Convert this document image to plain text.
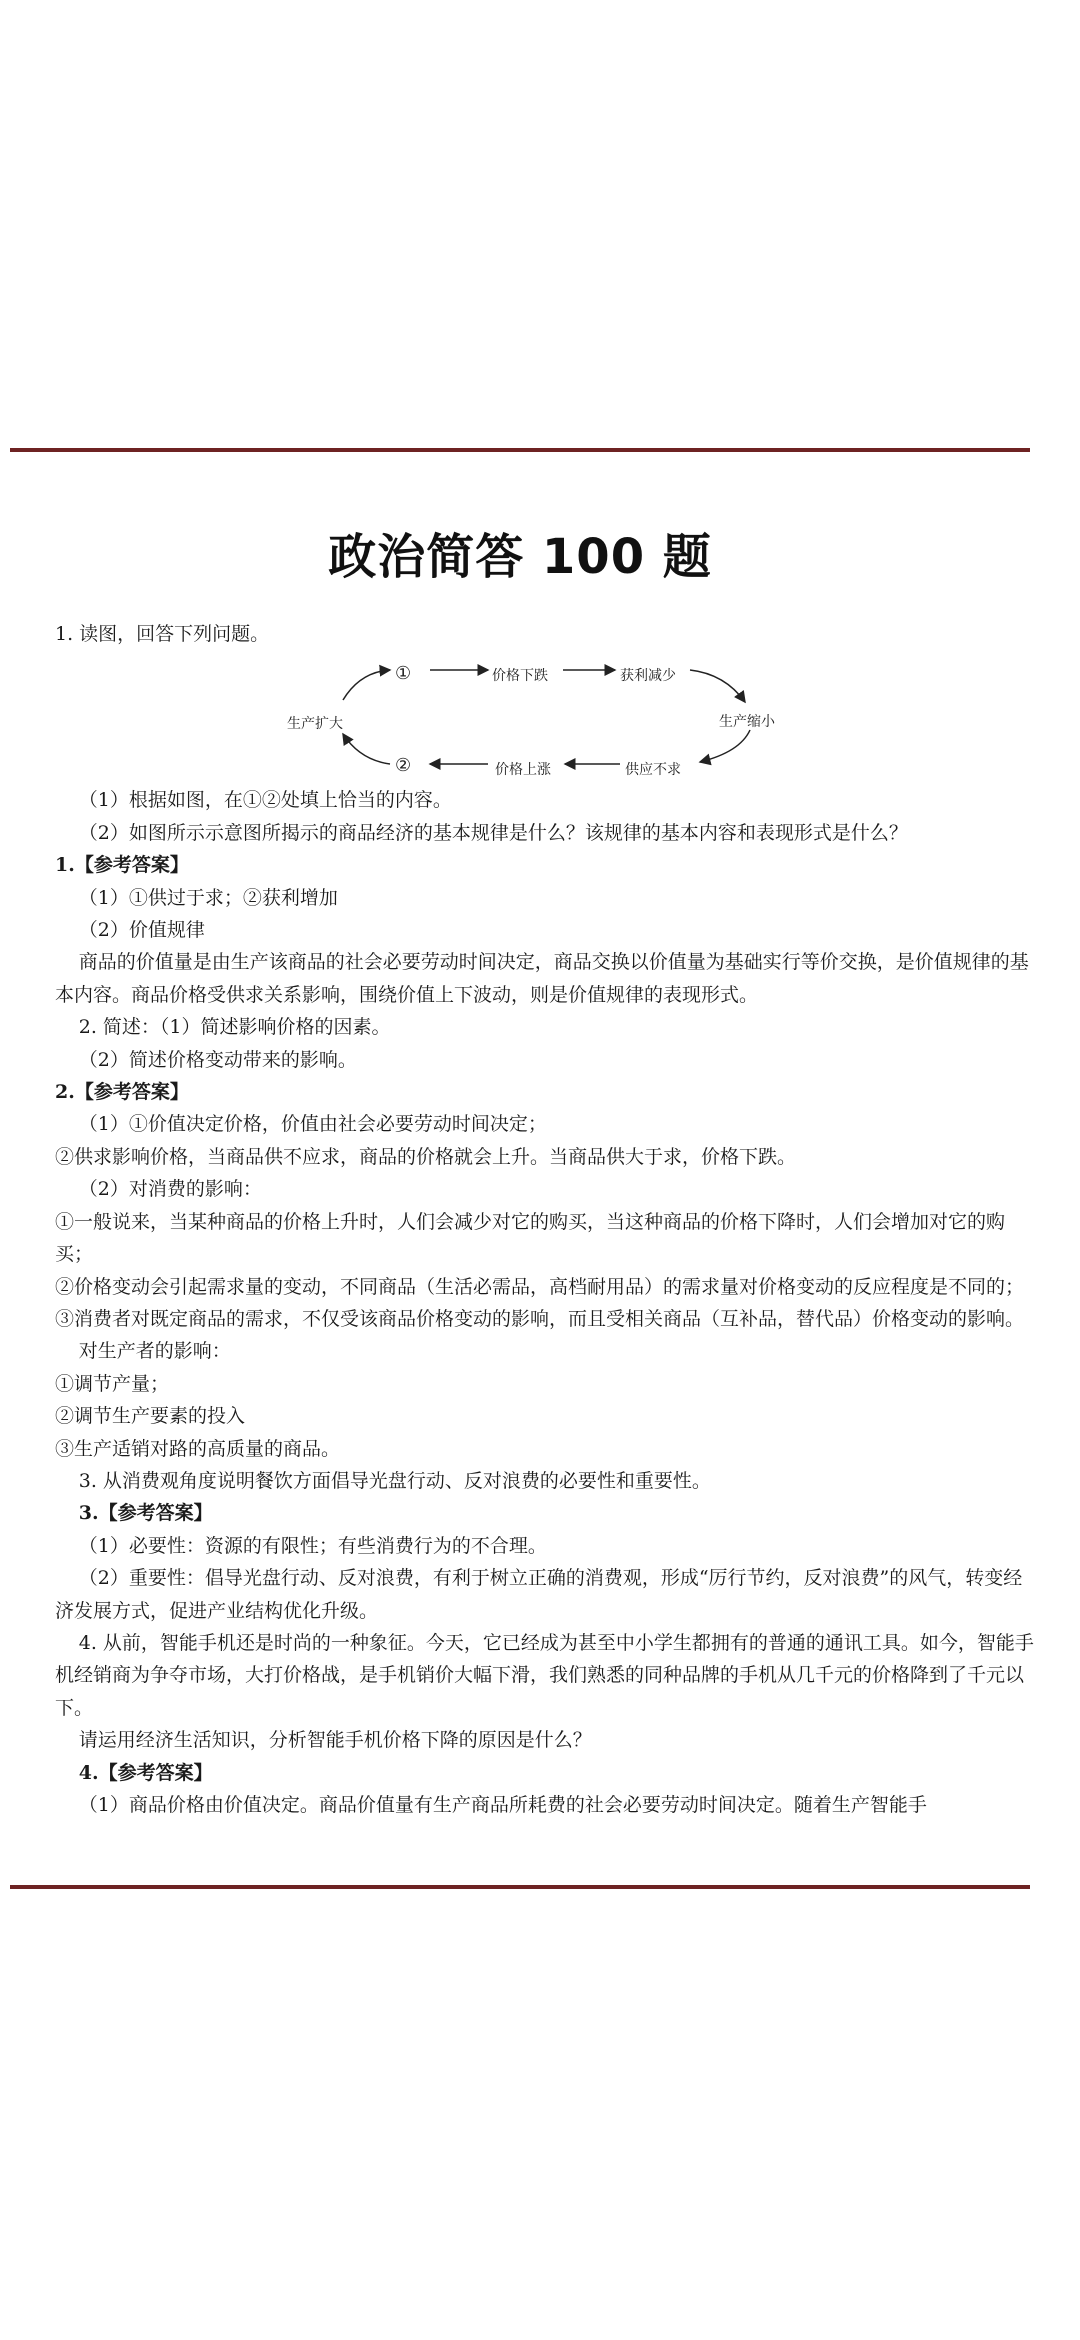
政治简答 100 题

1. 读图，回答下列问题。

①	价格下跌	获利减少
生产缩小
供应不求
价格上涨
②
生产扩大

（1）根据如图，在①②处填上恰当的内容。

（2）如图所示示意图所揭示的商品经济的基本规律是什么？该规律的基本内容和表现形式是什么？

1.【参考答案】

（1）①供过于求；②获利增加

（2）价值规律

商品的价值量是由生产该商品的社会必要劳动时间决定，商品交换以价值量为基础实行等价交换，是价值规律的基本内容。商品价格受供求关系影响，围绕价值上下波动，则是价值规律的表现形式。

2. 简述：（1）简述影响价格的因素。

（2）简述价格变动带来的影响。

2.【参考答案】

（1）①价值决定价格，价值由社会必要劳动时间决定；

②供求影响价格，当商品供不应求，商品的价格就会上升。当商品供大于求，价格下跌。

（2）对消费的影响：

①一般说来，当某种商品的价格上升时，人们会减少对它的购买，当这种商品的价格下降时，人们会增加对它的购买；

②价格变动会引起需求量的变动，不同商品（生活必需品，高档耐用品）的需求量对价格变动的反应程度是不同的；

③消费者对既定商品的需求，不仅受该商品价格变动的影响，而且受相关商品（互补品，替代品）价格变动的影响。

对生产者的影响：

①调节产量；

②调节生产要素的投入

③生产适销对路的高质量的商品。

3. 从消费观角度说明餐饮方面倡导光盘行动、反对浪费的必要性和重要性。

3.【参考答案】

（1）必要性：资源的有限性；有些消费行为的不合理。

（2）重要性：倡导光盘行动、反对浪费，有利于树立正确的消费观，形成“厉行节约，反对浪费”的风气，转变经济发展方式，促进产业结构优化升级。

4. 从前，智能手机还是时尚的一种象征。今天，它已经成为甚至中小学生都拥有的普通的通讯工具。如今，智能手机经销商为争夺市场，大打价格战，是手机销价大幅下滑，我们熟悉的同种品牌的手机从几千元的价格降到了千元以下。

请运用经济生活知识，分析智能手机价格下降的原因是什么？

4.【参考答案】

（1）商品价格由价值决定。商品价值量有生产商品所耗费的社会必要劳动时间决定。随着生产智能手
